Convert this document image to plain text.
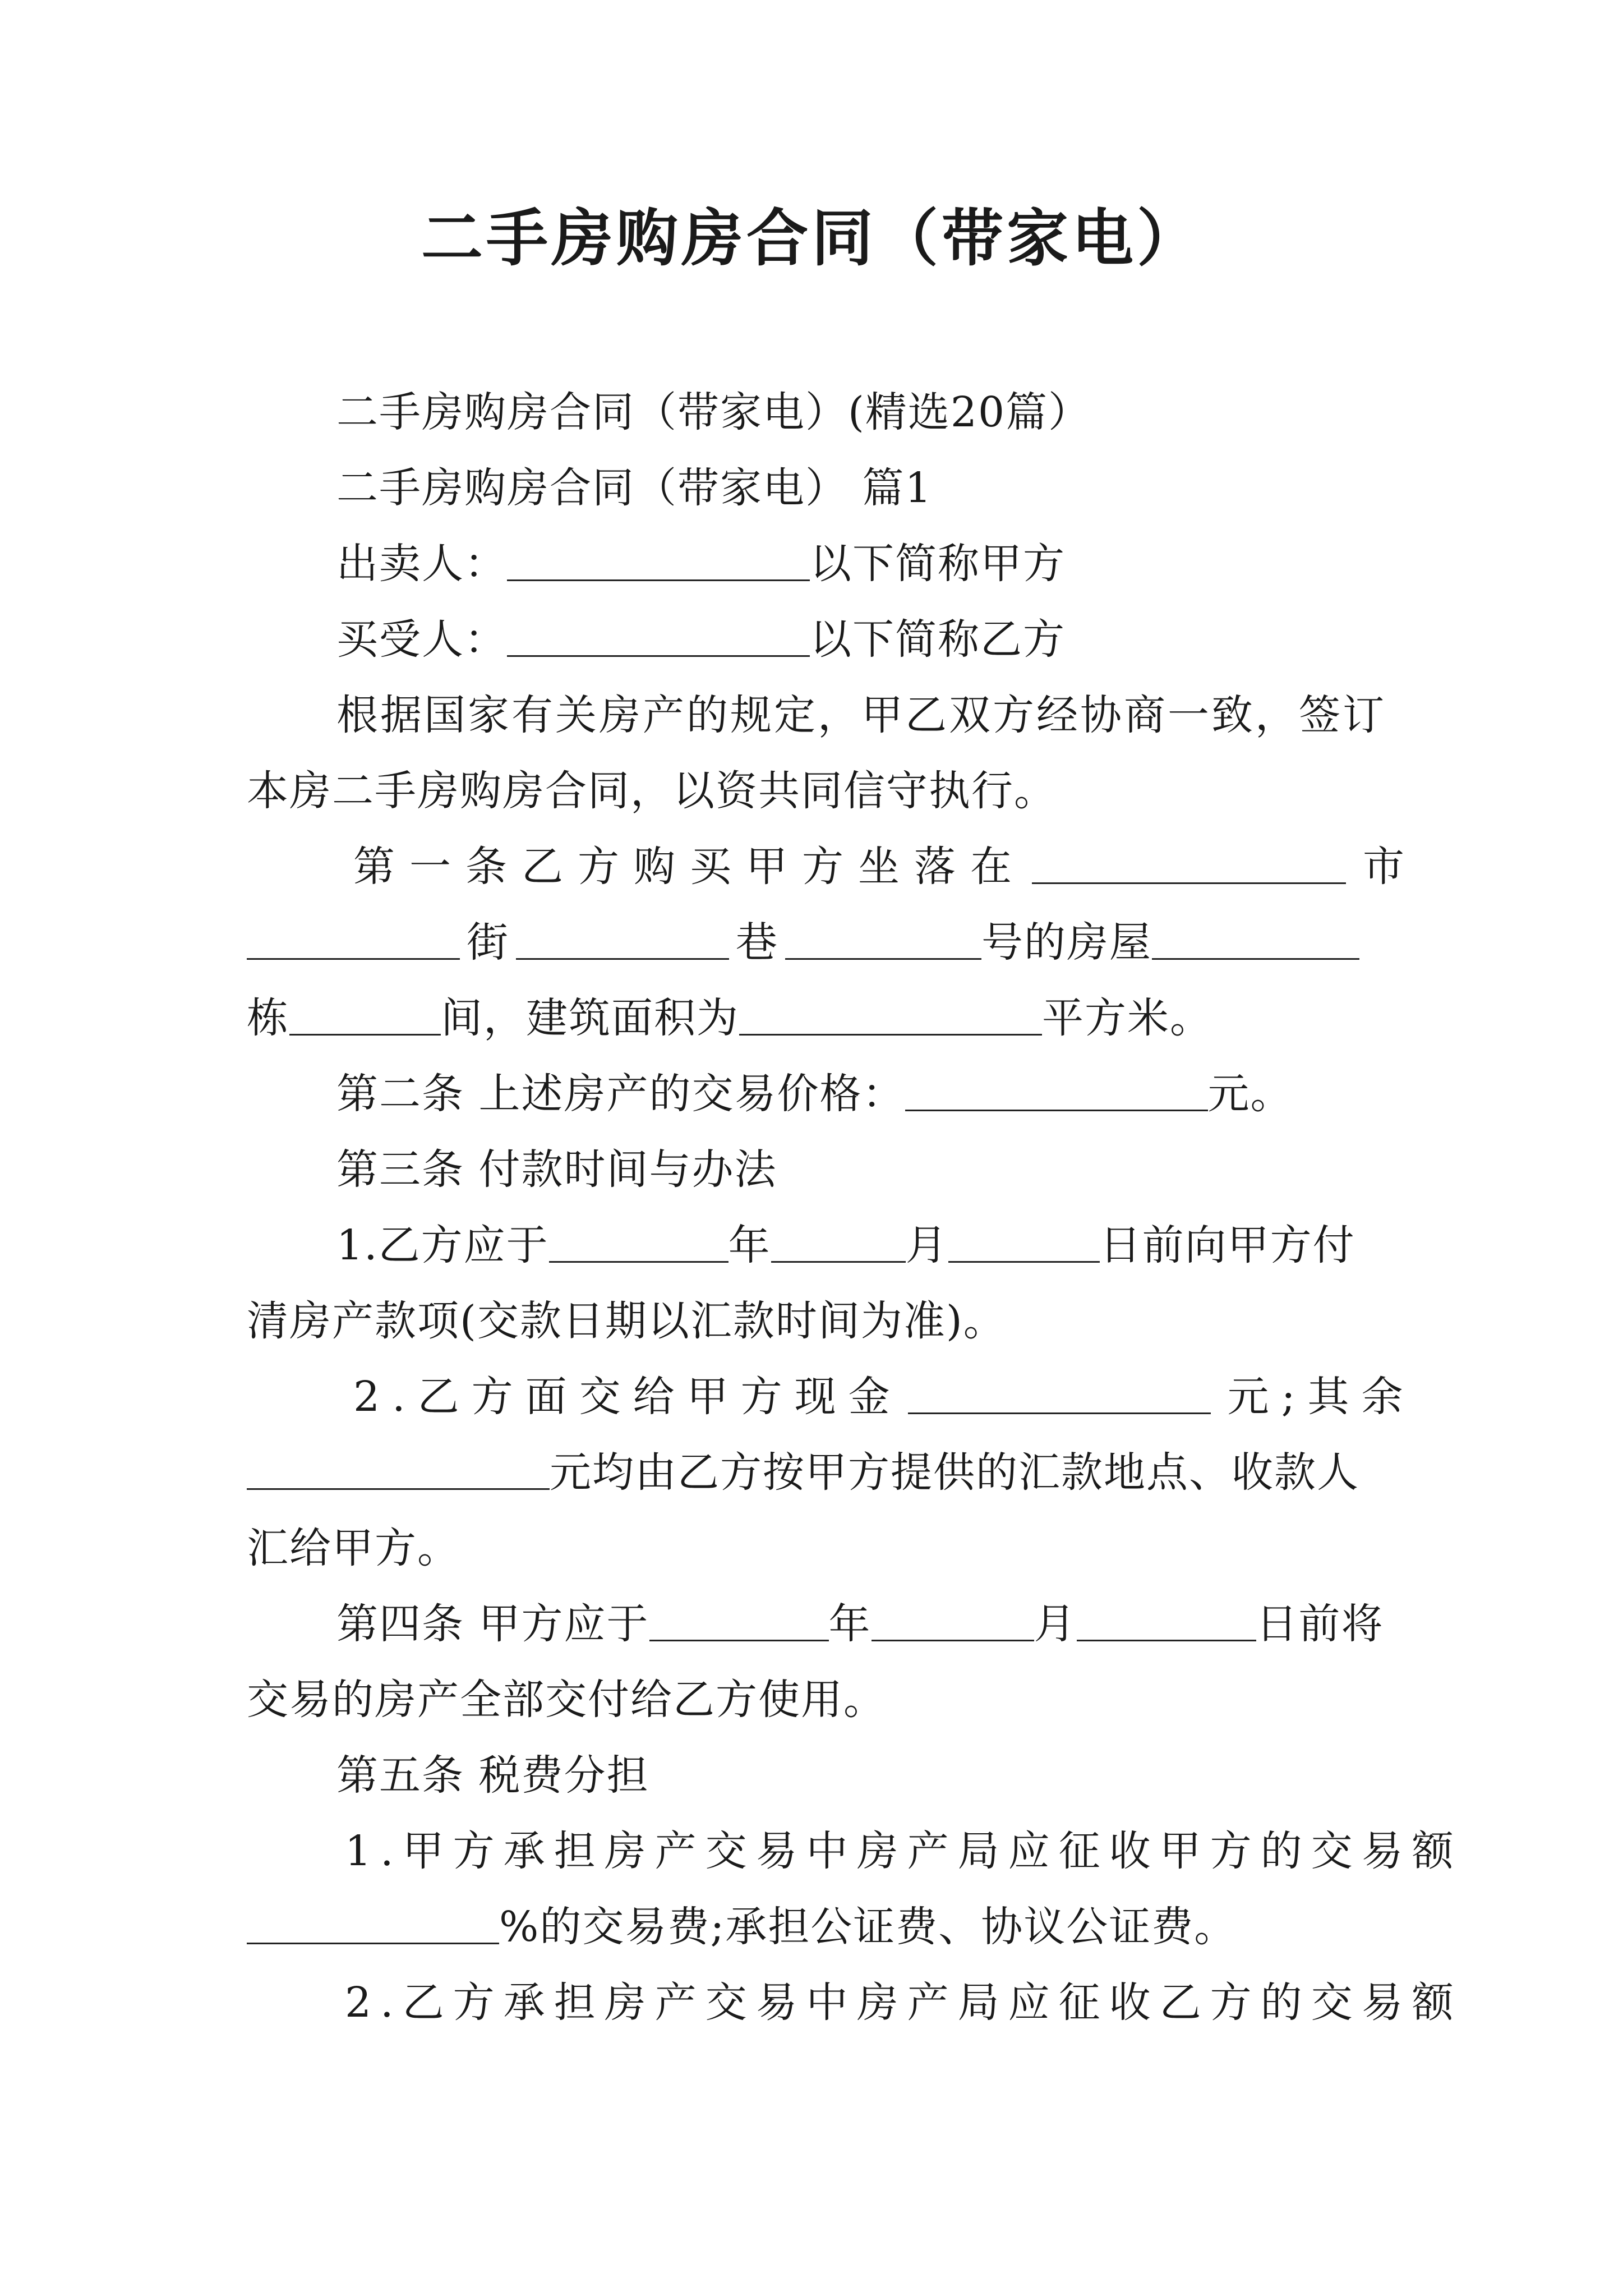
二手房购房合同（带家电）
二手房购房合同（带家电）(精选20篇）
二手房购房合同（带家电） 篇1
出卖人：	以下简称甲方
买受人：	以下简称乙方
根据国家有关房产的规定，甲乙双方经协商一致，签订
本房二手房购房合同，以资共同信守执行。
第一条乙方购买甲方坐落在	市
街	巷	号的房屋
栋	间，建筑面积为	平方米。
第二条 上述房产的交易价格：	元。
第三条 付款时间与办法
1.乙方应于	年	月	日前向甲方付
清房产款项(交款日期以汇款时间为准)。
2.乙方面交给甲方现金	元;其余
元均由乙方按甲方提供的汇款地点、收款人
汇给甲方。
第四条 甲方应于	年	月	日前将
交易的房产全部交付给乙方使用。
第五条 税费分担
1.甲方承担房产交易中房产局应征收甲方的交易额
%的交易费;承担公证费、协议公证费。
2.乙方承担房产交易中房产局应征收乙方的交易额
